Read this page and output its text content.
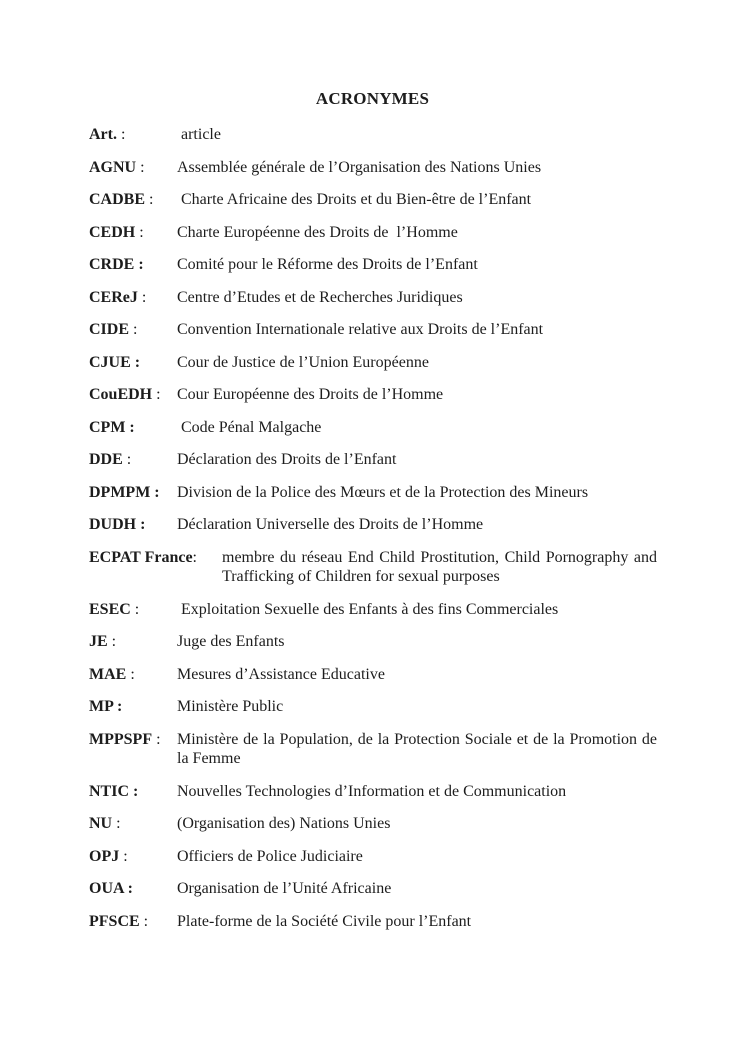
ACRONYMES
Art. :	article
AGNU :	Assemblée générale de l’Organisation des Nations Unies
CADBE :	Charte Africaine des Droits et du Bien-être de l’Enfant
CEDH :	Charte Européenne des Droits de  l’Homme
CRDE :	Comité pour le Réforme des Droits de l’Enfant
CEReJ :	Centre d’Etudes et de Recherches Juridiques
CIDE :	Convention Internationale relative aux Droits de l’Enfant
CJUE :	Cour de Justice de l’Union Européenne
CouEDH :	Cour Européenne des Droits de l’Homme
CPM :	Code Pénal Malgache
DDE :	Déclaration des Droits de l’Enfant
DPMPM :	Division de la Police des Mœurs et de la Protection des Mineurs
DUDH :	Déclaration Universelle des Droits de l’Homme
ECPAT France:	membre du réseau End Child Prostitution, Child Pornography and Trafficking of Children for sexual purposes
ESEC :	Exploitation Sexuelle des Enfants à des fins Commerciales
JE :	Juge des Enfants
MAE :	Mesures d’Assistance Educative
MP :	Ministère Public
MPPSPF :	Ministère de la Population, de la Protection Sociale et de la Promotion de la Femme
NTIC :	Nouvelles Technologies d’Information et de Communication
NU :	(Organisation des) Nations Unies
OPJ :	Officiers de Police Judiciaire
OUA :	Organisation de l’Unité Africaine
PFSCE :	Plate-forme de la Société Civile pour l’Enfant
